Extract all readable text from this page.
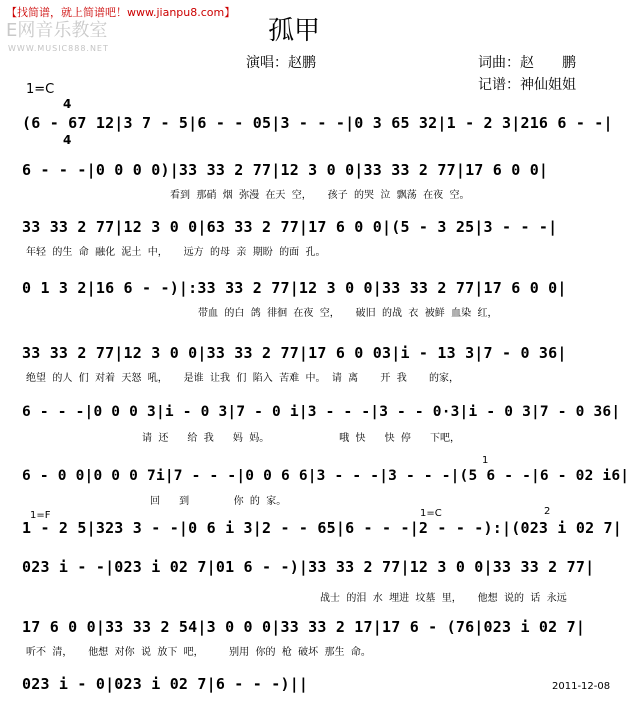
【找简谱，就上简谱吧！www.jianpu8.com】
E网音乐教室
WWW.MUSIC888.NET
孤甲
演唱：赵鹏	词曲：赵　　鹏
记谱：神仙姐姐
1=C

4

4

(6 - 67 12|3 7 - 5|6 - - 05|3 - - -|0 3 65 32|1 - 2 3|216 6 - -|
6 - - -|0 0 0 0)|33 33 2 77|12 3 0 0|33 33 2 77|17 6 0 0|
看到  那硝  烟  弥漫  在天  空，     孩子  的哭  泣  飘荡  在夜  空。
33 33 2 77|12 3 0 0|63 33 2 77|17 6 0 0|(5 - 3 25|3 - - -|
年轻  的生  命  融化  泥土  中，     远方  的母  亲  期盼  的面  孔。
0 1 3 2|16 6 - -)|:33 33 2 77|12 3 0 0|33 33 2 77|17 6 0 0|
带血  的白  鸽  徘徊  在夜  空，     破旧  的战  衣  被鲜  血染  红，
33 33 2 77|12 3 0 0|33 33 2 77|17 6 0 03|i - 13 3|7 - 0 36|
绝望  的人  们  对着  天怒  吼，     是谁  让我  们  陷入  苦难  中。  请  离       开  我       的家，
6 - - -|0 0 0 3|i - 0 3|7 - 0 i|3 - - -|3 - - 0·3|i - 0 3|7 - 0 36|
请  还      给  我      妈  妈。                      哦  快      快  停      下吧，
6 - 0 0|0 0 0 7i|7 - - -|0 0 6 6|3 - - -|3 - - -|(5 6 - -|6 - 02 i6|
回      到              你  的  家。
1=F	1=C
1
2
1 - 2 5|323 3 - -|0 6 i 3|2 - - 65|6 - - -|2 - - -):|(023 i 02 7|
023 i - -|023 i 02 7|01 6 - -)|33 33 2 77|12 3 0 0|33 33 2 77|
战士  的泪  水  埋进  坟墓  里，     他想  说的  话  永远
17 6 0 0|33 33 2 54|3 0 0 0|33 33 2 17|17 6 - (76|023 i 02 7|
听不  清，     他想  对你  说  放下  吧，        别用  你的  枪  破坏  那生  命。
023 i - 0|023 i 02 7|6 - - -)||	2011-12-08
